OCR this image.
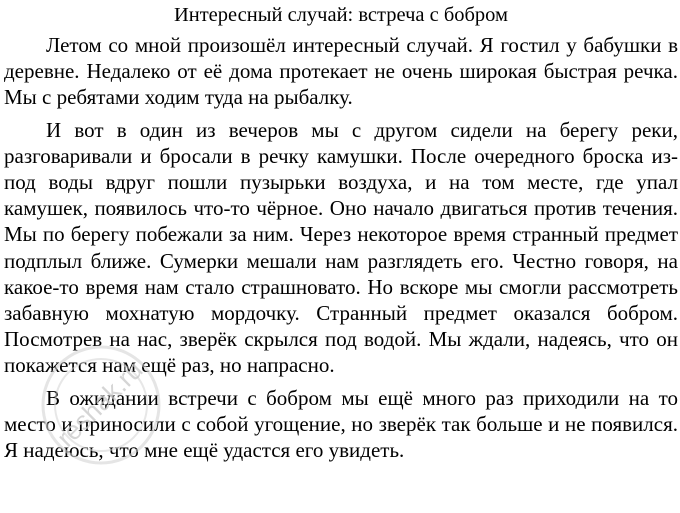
Интересный случай: встреча с бобром

Летом со мной произошёл интересный случай. Я гостил у бабушки в деревне. Недалеко от её дома протекает не очень широкая быстрая речка. Мы с ребятами ходим туда на рыбалку.

И вот в один из вечеров мы с другом сидели на берегу реки, разговаривали и бросали в речку камушки. После очередного броска из-под воды вдруг пошли пузырьки воздуха, и на том месте, где упал камушек, появилось что-то чёрное. Оно начало двигаться против течения. Мы по берегу побежали за ним. Через некоторое время странный предмет подплыл ближе. Сумерки мешали нам разглядеть его. Честно говоря, на какое-то время нам стало страшновато. Но вскоре мы смогли рассмотреть забавную мохнатую мордочку. Странный предмет оказался бобром. Посмотрев на нас, зверёк скрылся под водой. Мы ждали, надеясь, что он покажется нам ещё раз, но напрасно.

В ожидании встречи с бобром мы ещё много раз приходили на то место и приносили с собой угощение, но зверёк так больше и не появился. Я надеюсь, что мне ещё удастся его увидеть.

reshak.ru
